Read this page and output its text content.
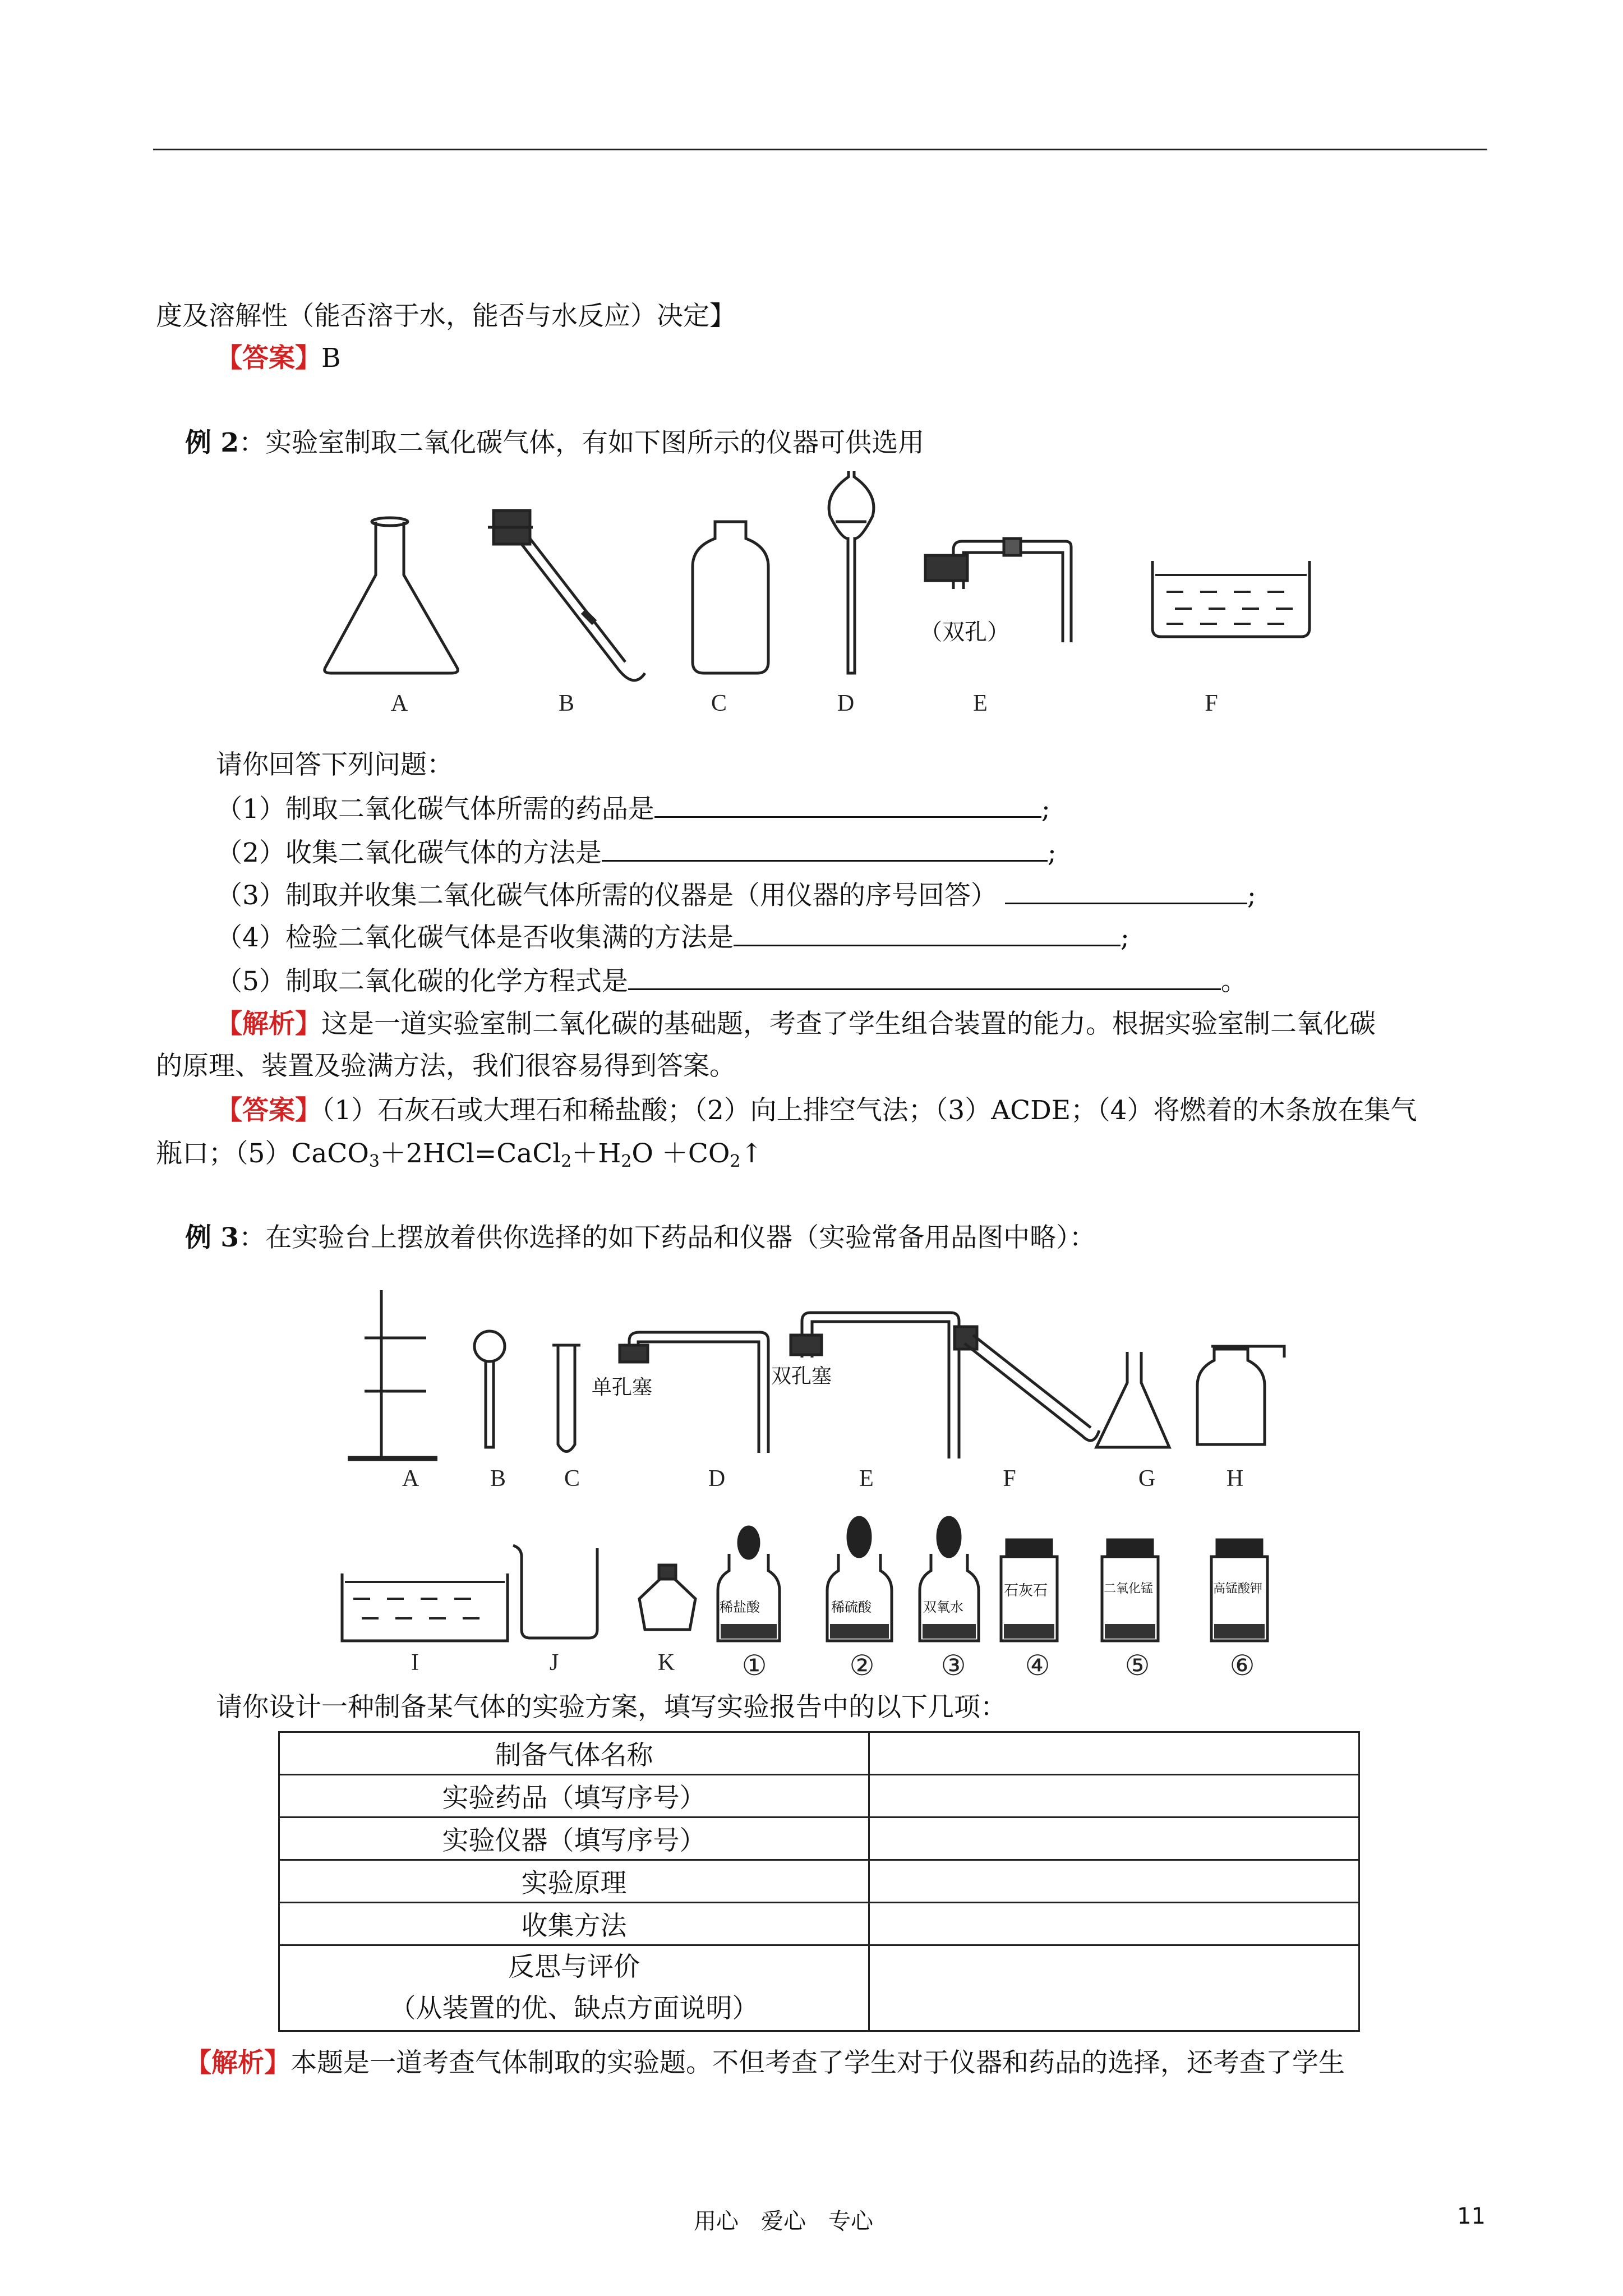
度及溶解性（能否溶于水，能否与水反应）决定】
【答案】B
例 2：实验室制取二氧化碳气体，有如下图所示的仪器可供选用
（双孔）
A	B	C	D	E	F
请你回答下列问题：
（1）制取二氧化碳气体所需的药品是	;
（2）收集二氧化碳气体的方法是	;
（3）制取并收集二氧化碳气体所需的仪器是（用仪器的序号回答）	;
（4）检验二氧化碳气体是否收集满的方法是	;
（5）制取二氧化碳的化学方程式是	。
【解析】这是一道实验室制二氧化碳的基础题，考查了学生组合装置的能力。根据实验室制二氧化碳
的原理、装置及验满方法，我们很容易得到答案。
【答案】（1）石灰石或大理石和稀盐酸；（2）向上排空气法；（3）ACDE；（4）将燃着的木条放在集气
瓶口；$(5)CaCO_3+2HCl=CaCl_2+H_2O$ $+CO_2↑$
例 3：在实验台上摆放着供你选择的如下药品和仪器（实验常备用品图中略）：
单孔塞	双孔塞
稀盐酸	稀硫酸	双氧水
石灰石	二氧化锰	高锰酸钾
A	B	C	D	E	F	G	H
I	J	K	①	②	③	④	⑤	⑥
请你设计一种制备某气体的实验方案，填写实验报告中的以下几项：
制备气体名称	
实验药品（填写序号）	
实验仪器（填写序号）	
实验原理	
收集方法	

反思与评价
（从装置的优、缺点方面说明）	

【解析】本题是一道考查气体制取的实验题。不但考查了学生对于仪器和药品的选择，还考查了学生
用心　爱心　专心	11
